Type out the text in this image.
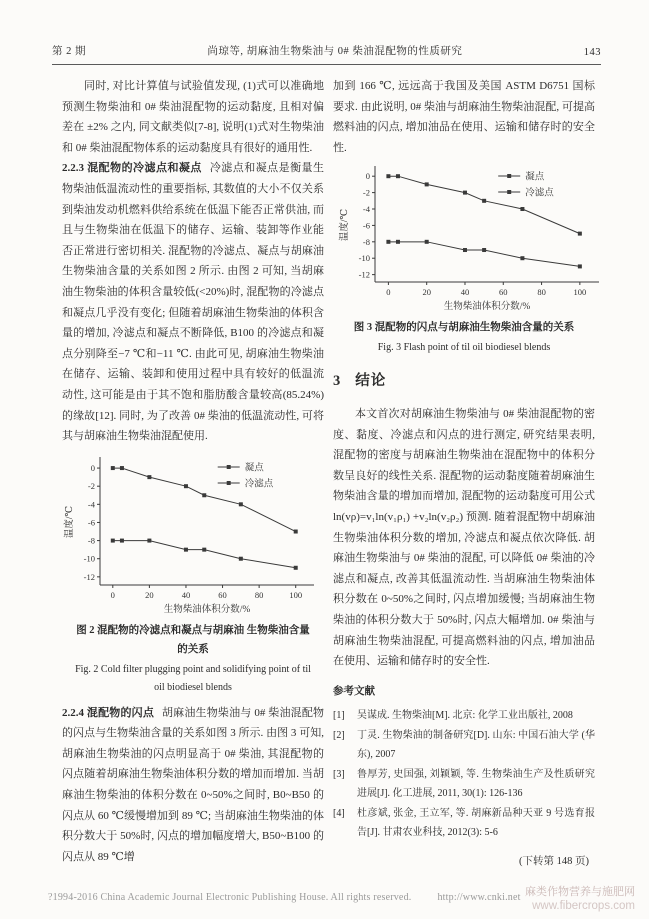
第 2 期	尚琼等, 胡麻油生物柴油与 0# 柴油混配物的性质研究	143

同时, 对比计算值与试验值发现, (1)式可以准确地预测生物柴油和 0# 柴油混配物的运动黏度, 且相对偏差在 ±2% 之内, 同文献类似[7-8], 说明(1)式对生物柴油和 0# 柴油混配物体系的运动黏度具有很好的通用性.

2.2.3 混配物的冷滤点和凝点 冷滤点和凝点是衡量生物柴油低温流动性的重要指标, 其数值的大小不仅关系到柴油发动机燃料供给系统在低温下能否正常供油, 而且与生物柴油在低温下的储存、运输、装卸等作业能否正常进行密切相关. 混配物的冷滤点、凝点与胡麻油生物柴油含量的关系如图 2 所示. 由图 2 可知, 当胡麻油生物柴油的体积含量较低(<20%)时, 混配物的冷滤点和凝点几乎没有变化; 但随着胡麻油生物柴油的体积含量的增加, 冷滤点和凝点不断降低, B100 的冷滤点和凝点分别降至−7 ℃和−11 ℃. 由此可见, 胡麻油生物柴油在储存、运输、装卸和使用过程中具有较好的低温流动性, 这可能是由于其不饱和脂肪酸含量较高(85.24%)的缘故[12]. 同时, 为了改善 0# 柴油的低温流动性, 可将其与胡麻油生物柴油混配使用.

0
-2
-4
-6
-8
-10
-12
0	20	40	60	80	100
凝点
冷滤点
生物柴油体积分数/%
温度/℃

图 2 混配物的冷滤点和凝点与胡麻油 生物柴油含量的关系

Fig. 2 Cold filter plugging point and solidifying point of til oil biodiesel blends

2.2.4 混配物的闪点 胡麻油生物柴油与 0# 柴油混配物的闪点与生物柴油含量的关系如图 3 所示. 由图 3 可知, 胡麻油生物柴油的闪点明显高于 0# 柴油, 其混配物的闪点随着胡麻油生物柴油体积分数的增加而增加. 当胡麻油生物柴油的体积分数在 0~50%之间时, B0~B50 的闪点从 60 ℃缓慢增加到 89 ℃; 当胡麻油生物柴油的体积分数大于 50%时, 闪点的增加幅度增大, B50~B100 的闪点从 89 ℃增

加到 166 ℃, 远远高于我国及美国 ASTM D6751 国标要求. 由此说明, 0# 柴油与胡麻油生物柴油混配, 可提高燃料油的闪点, 增加油品在使用、运输和储存时的安全性.

0
-2
-4
-6
-8
-10
-12
0	20	40	60	80	100
凝点
冷滤点
生物柴油体积分数/%
温度/℃

图 3 混配物的闪点与胡麻油生物柴油含量的关系

Fig. 3 Flash point of til oil biodiesel blends

3 结论

本文首次对胡麻油生物柴油与 0# 柴油混配物的密度、黏度、冷滤点和闪点的进行测定, 研究结果表明, 混配物的密度与胡麻油生物柴油在混配物中的体积分数呈良好的线性关系. 混配物的运动黏度随着胡麻油生物柴油含量的增加而增加, 混配物的运动黏度可用公式 ln(vρ)=v₁ln(v₁ρ₁) +v₂ln(v₂ρ₂) 预测. 随着混配物中胡麻油生物柴油体积分数的增加, 冷滤点和凝点依次降低. 胡麻油生物柴油与 0# 柴油的混配, 可以降低 0# 柴油的冷滤点和凝点, 改善其低温流动性. 当胡麻油生物柴油体积分数在 0~50%之间时, 闪点增加缓慢; 当胡麻油生物柴油的体积分数大于 50%时, 闪点大幅增加. 0# 柴油与胡麻油生物柴油混配, 可提高燃料油的闪点, 增加油品在使用、运输和储存时的安全性.

参考文献

[1]	吴谋成. 生物柴油[M]. 北京: 化学工业出版社, 2008
[2]	丁灵. 生物柴油的制备研究[D]. 山东: 中国石油大学 (华东), 2007
[3]	鲁厚芳, 史国强, 刘颖颖, 等. 生物柴油生产及性质研究进展[J]. 化工进展, 2011, 30(1): 126-136
[4]	杜彦斌, 张金, 王立军, 等. 胡麻新品种天亚 9 号选育报告[J]. 甘肃农业科技, 2012(3): 5-6

(下转第 148 页)

?1994-2016 China Academic Journal Electronic Publishing House. All rights reserved.	http://www.cnki.net 麻类作物营养与施肥网
www.fibercrops.com
